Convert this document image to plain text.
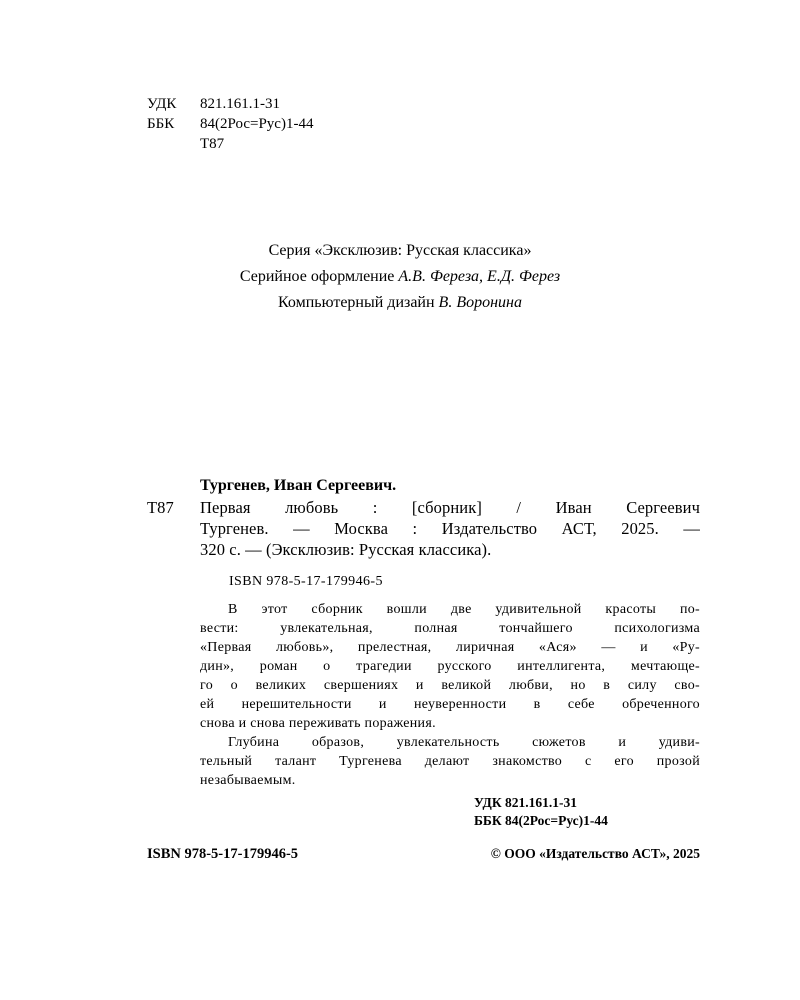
УДК	821.161.1-31
ББК	84(2Рос=Рус)1-44
Т87
Серия «Эксклюзив: Русская классика»
Серийное оформление А.В. Фереза, Е.Д. Ферез
Компьютерный дизайн В. Воронина
Тургенев, Иван Сергеевич.
Т87 Первая любовь : [сборник] / Иван Сергеевич
Тургенев. — Москва : Издательство АСТ, 2025. —
320 с. — (Эксклюзив: Русская классика).
ISBN 978-5-17-179946-5
В этот сборник вошли две удивительной красоты по-
вести: увлекательная, полная тончайшего психологизма
«Первая любовь», прелестная, лиричная «Ася» — и «Ру-
дин», роман о трагедии русского интеллигента, мечтающе-
го о великих свершениях и великой любви, но в силу сво-
ей нерешительности и неуверенности в себе обреченного
снова и снова переживать поражения.
Глубина образов, увлекательность сюжетов и удиви-
тельный талант Тургенева делают знакомство с его прозой
незабываемым.
УДК 821.161.1-31
ББК 84(2Рос=Рус)1-44
ISBN 978-5-17-179946-5	© ООО «Издательство АСТ», 2025
